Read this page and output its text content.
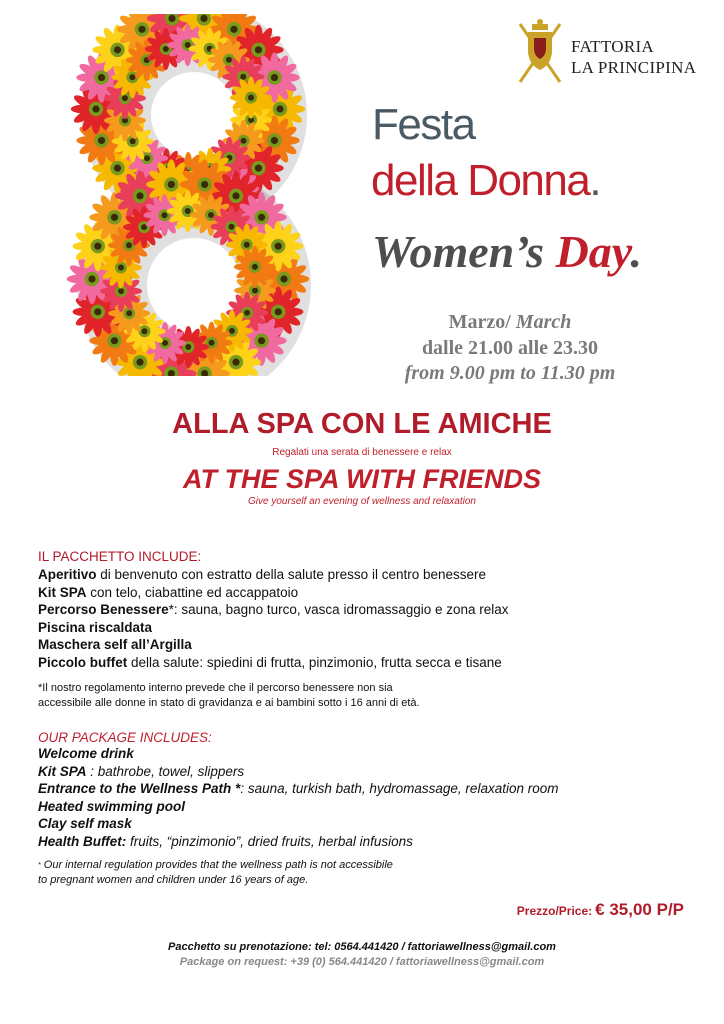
FATTORIA
LA PRINCIPINA
Festa
della Donna.
Women’s Day.
Marzo/ March
dalle 21.00 alle 23.30
from 9.00 pm to 11.30 pm
ALLA SPA CON LE AMICHE
Regalati una serata di benessere e relax
AT THE SPA WITH FRIENDS
Give yourself an evening of wellness and relaxation
IL PACCHETTO INCLUDE:
Aperitivo di benvenuto con estratto della salute presso il centro benessere
Kit SPA con telo, ciabattine ed accappatoio
Percorso Benessere*: sauna, bagno turco, vasca idromassaggio e zona relax
Piscina riscaldata
Maschera self all’Argilla
Piccolo buffet della salute: spiedini di frutta, pinzimonio, frutta secca e tisane
*Il nostro regolamento interno prevede che il percorso benessere non sia
accessibile alle donne in stato di gravidanza e ai bambini sotto i 16 anni di età.
OUR PACKAGE INCLUDES:
Welcome drink
Kit SPA : bathrobe, towel, slippers
Entrance to the Wellness Path *: sauna, turkish bath, hydromassage, relaxation room
Heated swimming pool
Clay self mask
Health Buffet: fruits, “pinzimonio”, dried fruits, herbal infusions
* Our internal regulation provides that the wellness path is not accessibile
to pregnant women and children under 16 years of age.
Prezzo/Price: € 35,00 P/P
Pacchetto su prenotazione: tel: 0564.441420 / fattoriawellness@gmail.com
Package on request: +39 (0) 564.441420 / fattoriawellness@gmail.com
